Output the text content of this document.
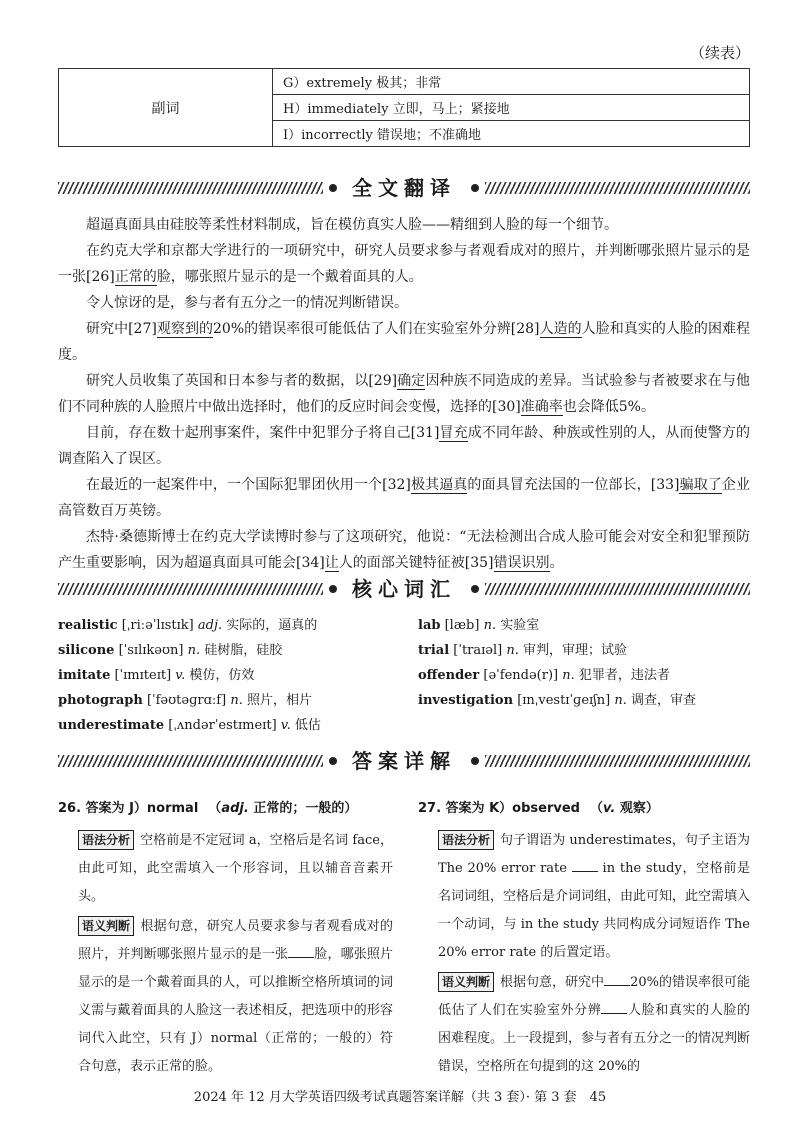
（续表）
副词	G）extremely 极其；非常
H）immediately 立即，马上；紧接地
I）incorrectly 错误地；不准确地
全文翻译

超逼真面具由硅胶等柔性材料制成，旨在模仿真实人脸——精细到人脸的每一个细节。

在约克大学和京都大学进行的一项研究中，研究人员要求参与者观看成对的照片，并判断哪张照片显示的是一张[26]正常的脸，哪张照片显示的是一个戴着面具的人。

令人惊讶的是，参与者有五分之一的情况判断错误。

研究中[27]观察到的20%的错误率很可能低估了人们在实验室外分辨[28]人造的人脸和真实的人脸的困难程度。

研究人员收集了英国和日本参与者的数据，以[29]确定因种族不同造成的差异。当试验参与者被要求在与他们不同种族的人脸照片中做出选择时，他们的反应时间会变慢，选择的[30]准确率也会降低5%。

目前，存在数十起刑事案件，案件中犯罪分子将自己[31]冒充成不同年龄、种族或性别的人，从而使警方的调查陷入了误区。

在最近的一起案件中，一个国际犯罪团伙用一个[32]极其逼真的面具冒充法国的一位部长，[33]骗取了企业高管数百万英镑。

杰特·桑德斯博士在约克大学读博时参与了这项研究，他说：“无法检测出合成人脸可能会对安全和犯罪预防产生重要影响，因为超逼真面具可能会[34]让人的面部关键特征被[35]错误识别。

核心词汇
realistic [ˌriːəˈlɪstɪk] adj. 实际的，逼真的
silicone [ˈsɪlɪkəʊn] n. 硅树脂，硅胶
imitate [ˈɪmɪteɪt] v. 模仿，仿效
photograph [ˈfəʊtəɡrɑːf] n. 照片，相片
underestimate [ˌʌndərˈestɪmeɪt] v. 低估
lab [læb] n. 实验室
trial [ˈtraɪəl] n. 审判，审理；试验
offender [əˈfendə(r)] n. 犯罪者，违法者
investigation [ɪnˌvestɪˈɡeɪʃn] n. 调查，审查
答案详解
26. 答案为 J）normal （adj. 正常的；一般的）

语法分析 空格前是不定冠词 a，空格后是名词 face，由此可知，此空需填入一个形容词，且以辅音音素开头。

语义判断 根据句意，研究人员要求参与者观看成对的照片，并判断哪张照片显示的是一张 脸，哪张照片显示的是一个戴着面具的人，可以推断空格所填词的词义需与戴着面具的人脸这一表述相反，把选项中的形容词代入此空，只有 J）normal（正常的；一般的）符合句意，表示正常的脸。

27. 答案为 K）observed （v. 观察）

语法分析 句子谓语为 underestimates，句子主语为 The 20% error rate	in the study，空格前是名词词组，空格后是介词词组，由此可知，此空需填入一个动词，与 in the study 共同构成分词短语作 The 20% error rate 的后置定语。

语义判断 根据句意，研究中 20%的错误率很可能低估了人们在实验室外分辨 人脸和真实的人脸的困难程度。上一段提到，参与者有五分之一的情况判断错误，空格所在句提到的这 20%的

2024 年 12 月大学英语四级考试真题答案详解（共 3 套）· 第 3 套　45
